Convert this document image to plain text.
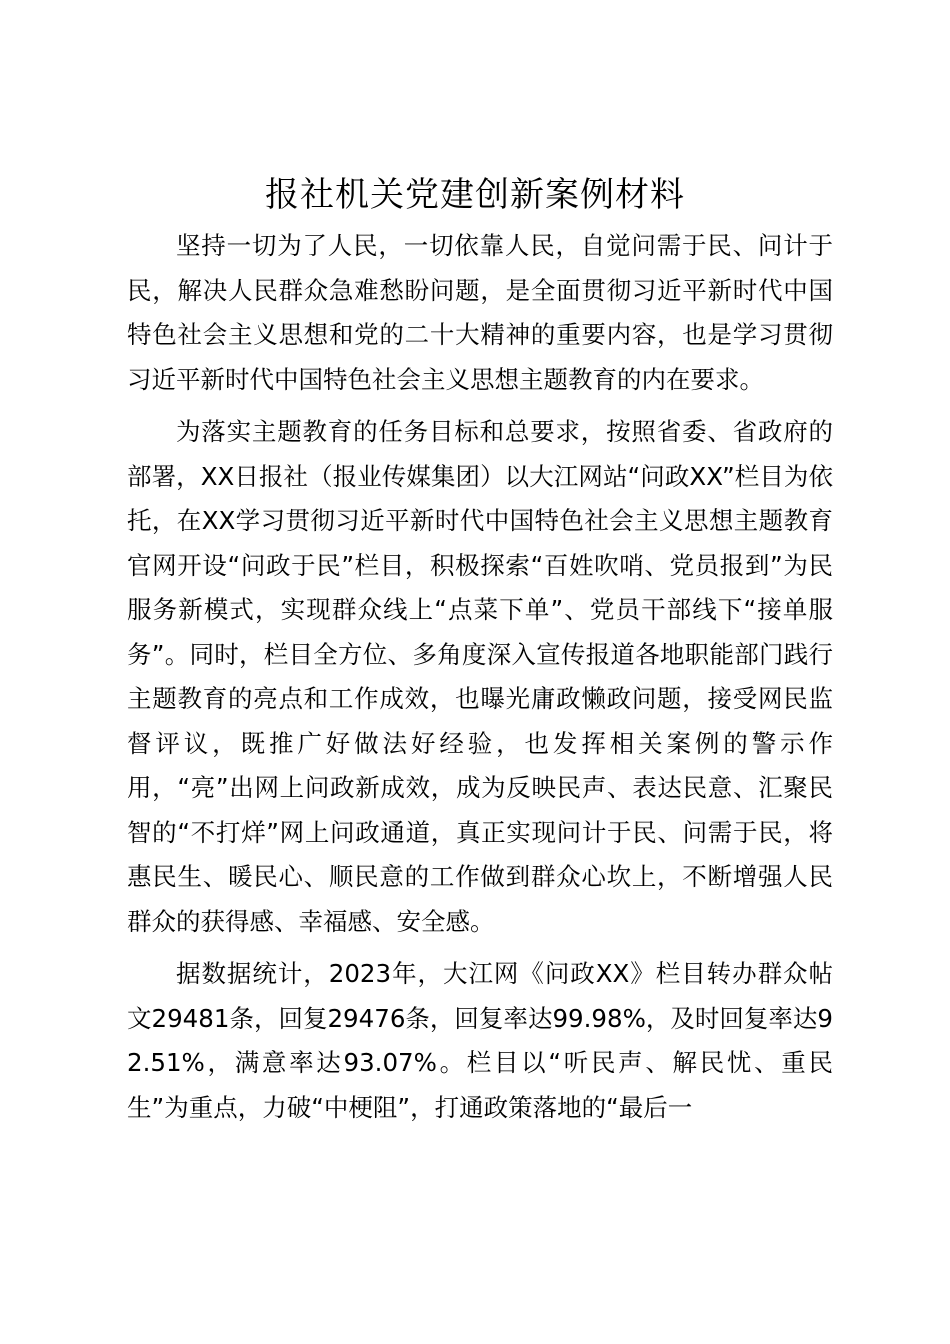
报社机关党建创新案例材料

坚持一切为了人民，一切依靠人民，自觉问需于民、问计于民，解决人民群众急难愁盼问题，是全面贯彻习近平新时代中国特色社会主义思想和党的二十大精神的重要内容，也是学习贯彻习近平新时代中国特色社会主义思想主题教育的内在要求。

为落实主题教育的任务目标和总要求，按照省委、省政府的部署，XX日报社（报业传媒集团）以大江网站“问政XX”栏目为依托，在XX学习贯彻习近平新时代中国特色社会主义思想主题教育官网开设“问政于民”栏目，积极探索“百姓吹哨、党员报到”为民服务新模式，实现群众线上“点菜下单”、党员干部线下“接单服务”。同时，栏目全方位、多角度深入宣传报道各地职能部门践行主题教育的亮点和工作成效，也曝光庸政懒政问题，接受网民监督评议，既推广好做法好经验，也发挥相关案例的警示作用，“亮”出网上问政新成效，成为反映民声、表达民意、汇聚民智的“不打烊”网上问政通道，真正实现问计于民、问需于民，将惠民生、暖民心、顺民意的工作做到群众心坎上，不断增强人民群众的获得感、幸福感、安全感。

据数据统计，2023年，大江网《问政XX》栏目转办群众帖文29481条，回复29476条，回复率达99.98%，及时回复率达92.51%，满意率达93.07%。栏目以“听民声、解民忧、重民生”为重点，力破“中梗阻”，打通政策落地的“最后一
